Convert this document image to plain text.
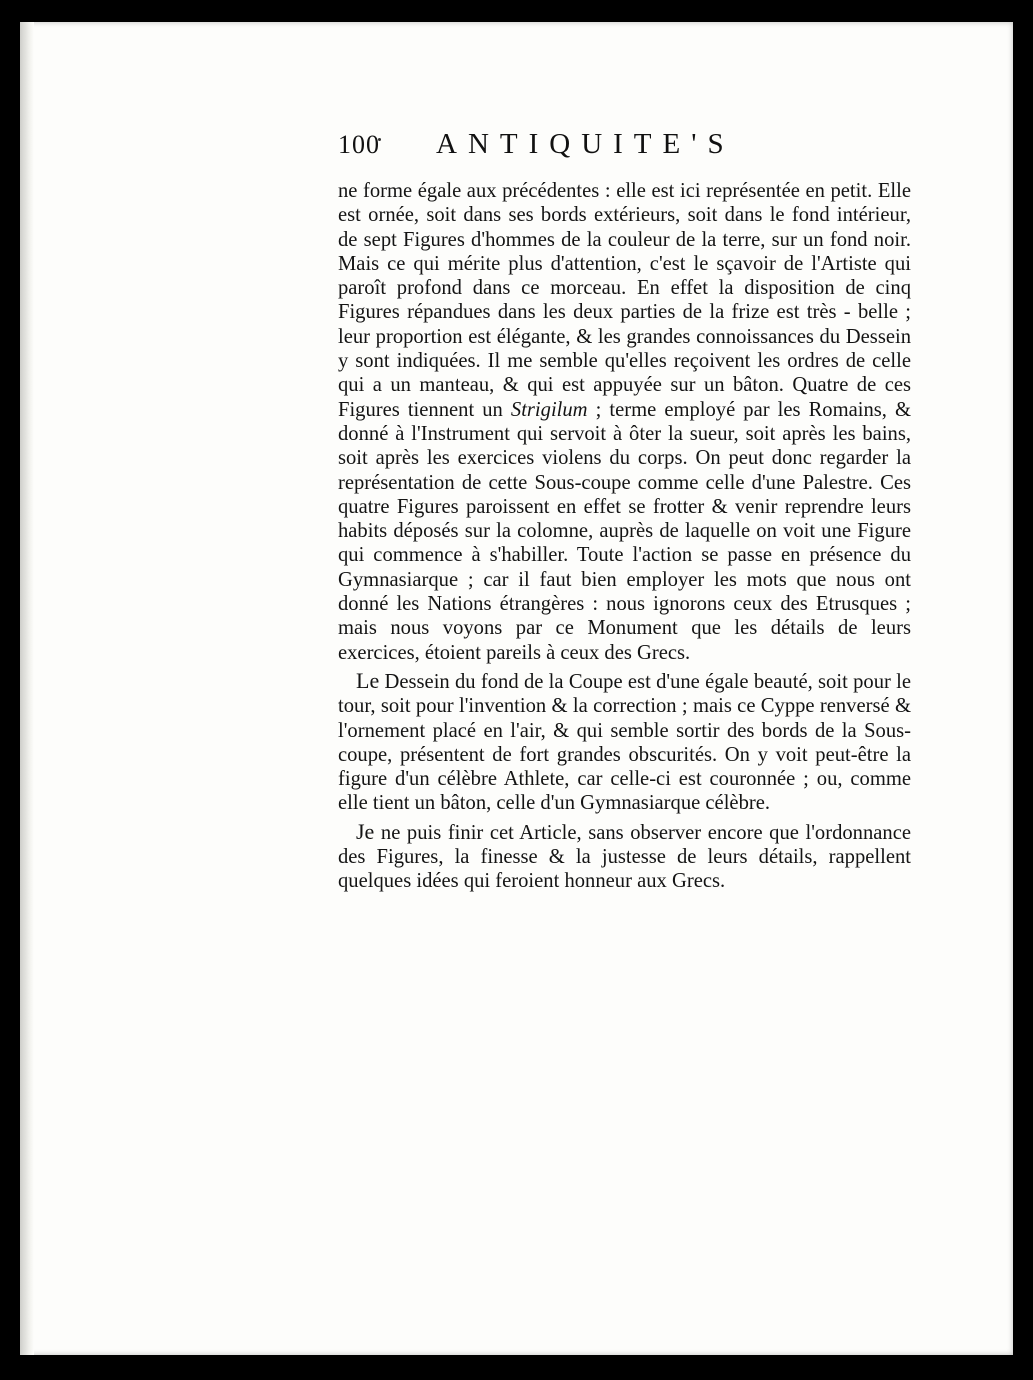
100 ANTIQUITE'S

ne forme égale aux précédentes : elle est ici représentée en petit. Elle est ornée, soit dans ses bords extérieurs, soit dans le fond intérieur, de sept Figures d'hommes de la couleur de la terre, sur un fond noir. Mais ce qui mérite plus d'attention, c'est le sçavoir de l'Artiste qui paroît profond dans ce morceau. En effet la disposition de cinq Figures répandues dans les deux parties de la frize est très - belle ; leur proportion est élégante, & les grandes connoissances du Dessein y sont indiquées. Il me semble qu'elles reçoivent les ordres de celle qui a un manteau, & qui est appuyée sur un bâton. Quatre de ces Figures tiennent un Strigilum ; terme employé par les Romains, & donné à l'Instrument qui servoit à ôter la sueur, soit après les bains, soit après les exercices violens du corps. On peut donc regarder la représentation de cette Sous-coupe comme celle d'une Palestre. Ces quatre Figures paroissent en effet se frotter & venir reprendre leurs habits déposés sur la colomne, auprès de laquelle on voit une Figure qui commence à s'habiller. Toute l'action se passe en présence du Gymnasiarque ; car il faut bien employer les mots que nous ont donné les Nations étrangères : nous ignorons ceux des Etrusques ; mais nous voyons par ce Monument que les détails de leurs exercices, étoient pareils à ceux des Grecs.

Le Dessein du fond de la Coupe est d'une égale beauté, soit pour le tour, soit pour l'invention & la correction ; mais ce Cyppe renversé & l'ornement placé en l'air, & qui semble sortir des bords de la Sous-coupe, présentent de fort grandes obscurités. On y voit peut-être la figure d'un célèbre Athlete, car celle-ci est couronnée ; ou, comme elle tient un bâton, celle d'un Gymnasiarque célèbre.

Je ne puis finir cet Article, sans observer encore que l'ordonnance des Figures, la finesse & la justesse de leurs détails, rappellent quelques idées qui feroient honneur aux Grecs.
